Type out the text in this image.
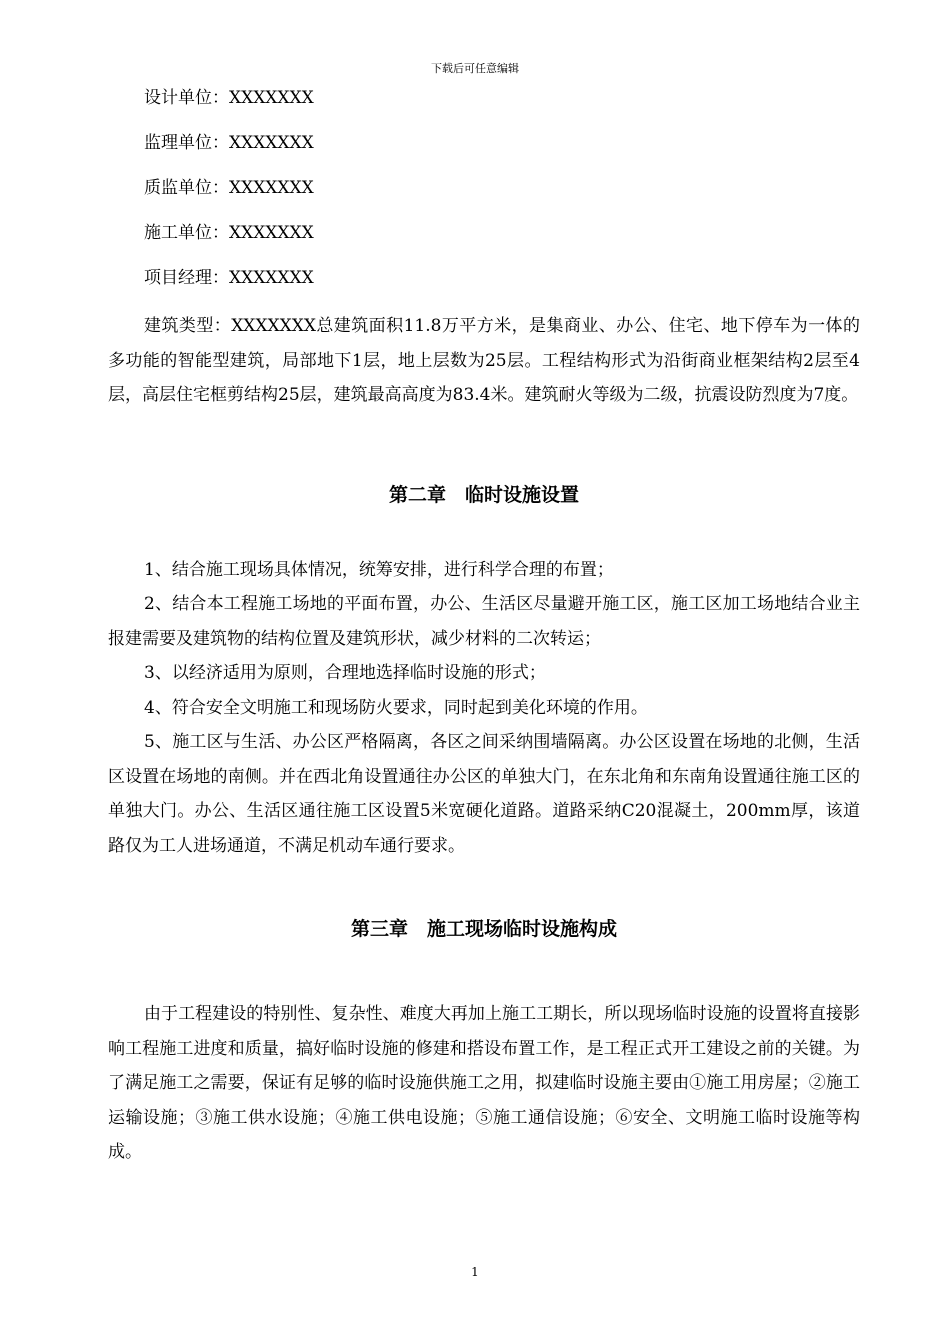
下载后可任意编辑

设计单位：XXXXXXX

监理单位：XXXXXXX

质监单位：XXXXXXX

施工单位：XXXXXXX

项目经理：XXXXXXX

建筑类型：XXXXXXX总建筑面积11.8万平方米，是集商业、办公、住宅、地下停车为一体的多功能的智能型建筑，局部地下1层，地上层数为25层。工程结构形式为沿街商业框架结构2层至4层，高层住宅框剪结构25层，建筑最高高度为83.4米。建筑耐火等级为二级，抗震设防烈度为7度。

第二章　临时设施设置

1、结合施工现场具体情况，统筹安排，进行科学合理的布置；

2、结合本工程施工场地的平面布置，办公、生活区尽量避开施工区，施工区加工场地结合业主报建需要及建筑物的结构位置及建筑形状，减少材料的二次转运；

3、以经济适用为原则，合理地选择临时设施的形式；

4、符合安全文明施工和现场防火要求，同时起到美化环境的作用。

5、施工区与生活、办公区严格隔离，各区之间采纳围墙隔离。办公区设置在场地的北侧，生活区设置在场地的南侧。并在西北角设置通往办公区的单独大门，在东北角和东南角设置通往施工区的单独大门。办公、生活区通往施工区设置5米宽硬化道路。道路采纳C20混凝土，200mm厚，该道路仅为工人进场通道，不满足机动车通行要求。

第三章　施工现场临时设施构成

由于工程建设的特别性、复杂性、难度大再加上施工工期长，所以现场临时设施的设置将直接影响工程施工进度和质量，搞好临时设施的修建和搭设布置工作，是工程正式开工建设之前的关键。为了满足施工之需要，保证有足够的临时设施供施工之用，拟建临时设施主要由①施工用房屋；②施工运输设施；③施工供水设施；④施工供电设施；⑤施工通信设施；⑥安全、文明施工临时设施等构成。

1
